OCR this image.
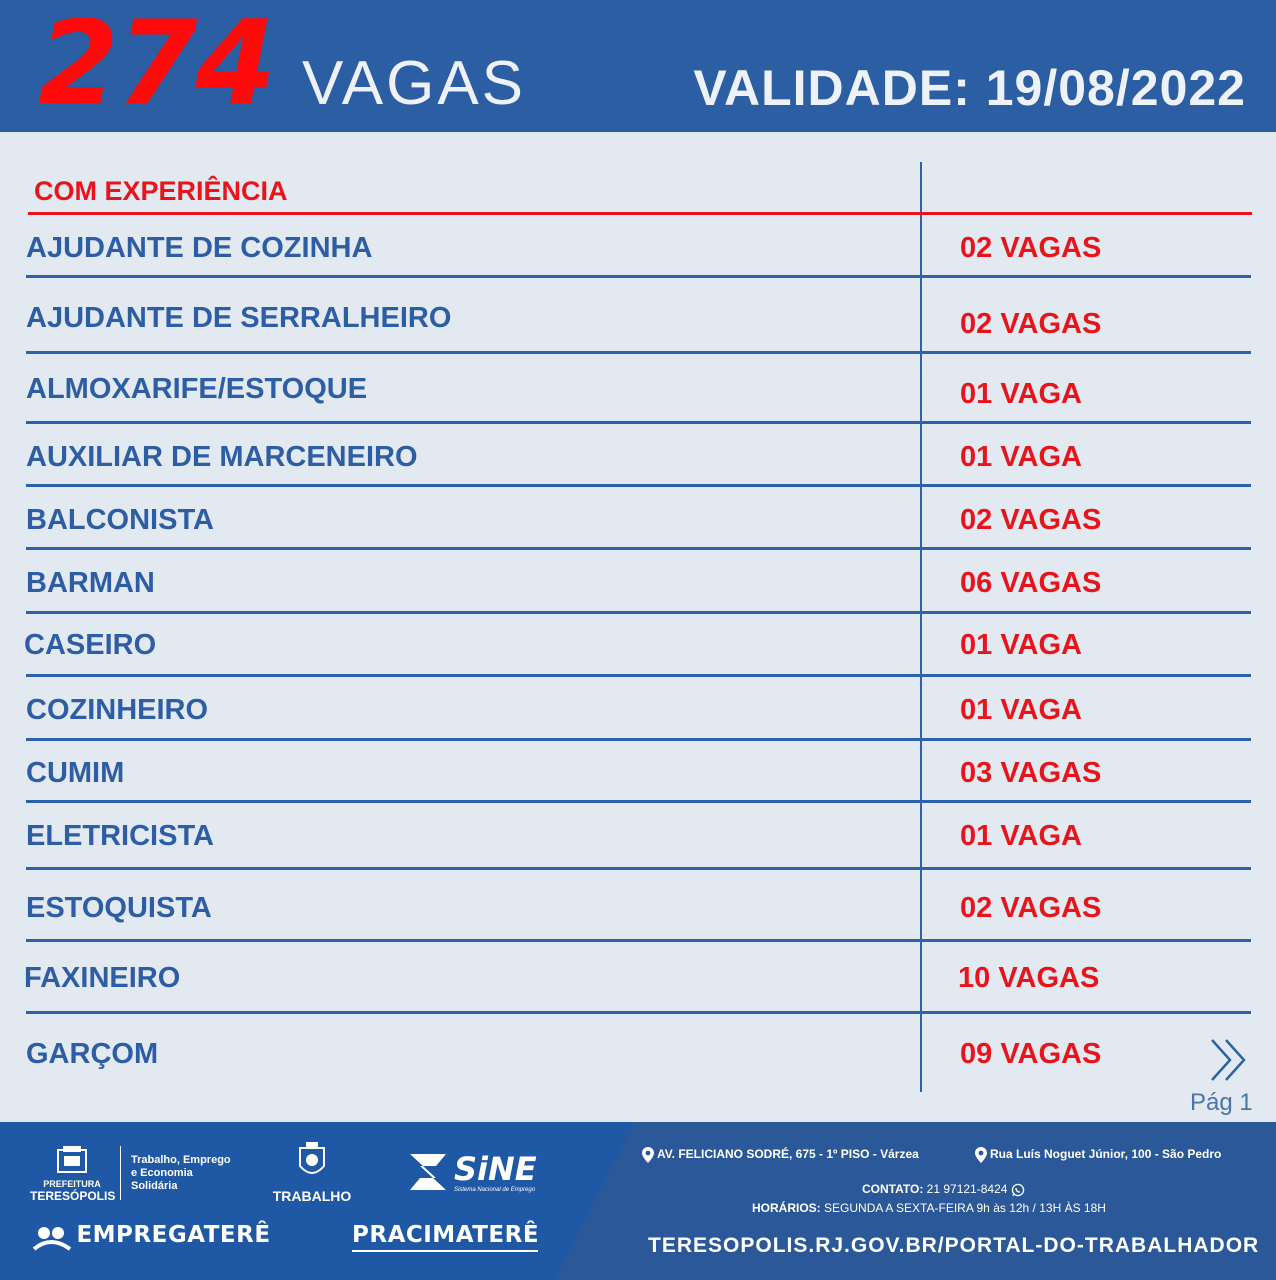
274 VAGAS	VALIDADE: 19/08/2022
COM EXPERIÊNCIA
AJUDANTE DE COZINHA	02 VAGAS
AJUDANTE DE SERRALHEIRO	02 VAGAS
ALMOXARIFE/ESTOQUE	01 VAGA
AUXILIAR DE MARCENEIRO	01 VAGA
BALCONISTA	02 VAGAS
BARMAN	06 VAGAS
CASEIRO	01 VAGA
COZINHEIRO	01 VAGA
CUMIM	03 VAGAS
ELETRICISTA	01 VAGA
ESTOQUISTA	02 VAGAS
FAXINEIRO	10 VAGAS
GARÇOM	09 VAGAS
Pág 1
PREFEITURA
TERESÓPOLIS
Trabalho, Emprego
e Economia
Solidária
TRABALHO
SiNE
Sistema Nacional de Emprego
EMPREGATERÊ	PRACIMATERÊ
AV. FELICIANO SODRÉ, 675 - 1º PISO - Várzea	Rua Luís Noguet Júnior, 100 - São Pedro
CONTATO: 21 97121-8424
HORÁRIOS: SEGUNDA A SEXTA-FEIRA 9h às 12h / 13H ÀS 18H
TERESOPOLIS.RJ.GOV.BR/PORTAL-DO-TRABALHADOR
